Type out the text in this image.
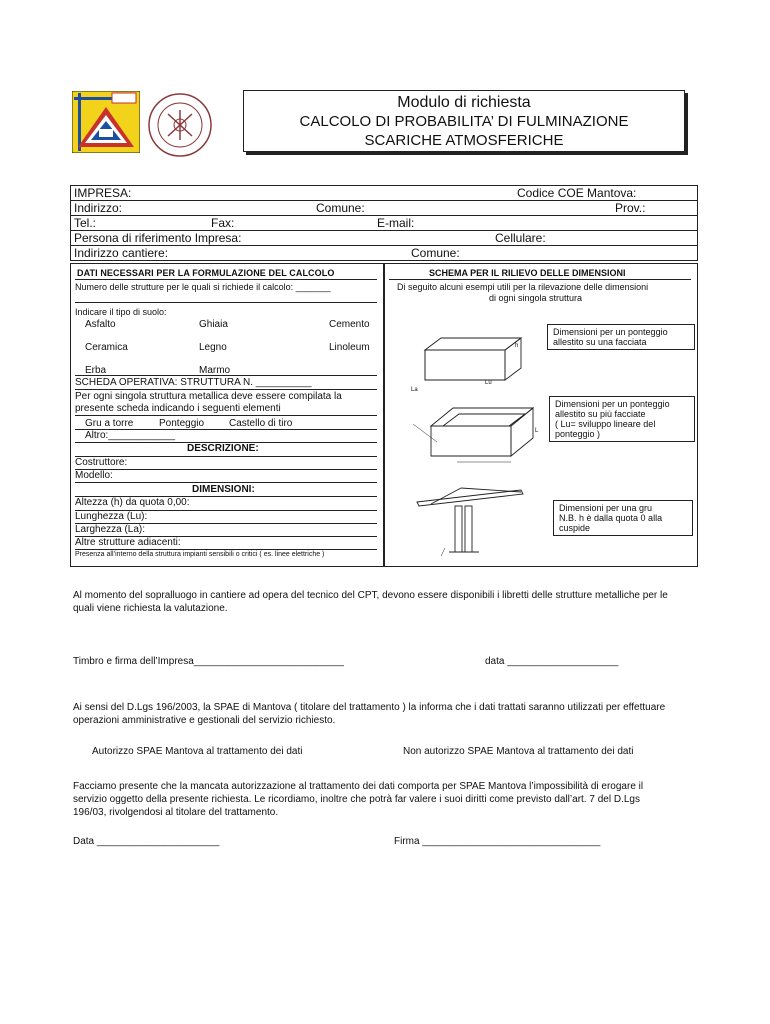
Modulo di richiesta
CALCOLO DI PROBABILITA’ DI FULMINAZIONE
SCARICHE ATMOSFERICHE
IMPRESA:	Codice COE Mantova:
Indirizzo:	Comune:	Prov.:
Tel.:	Fax:	E-mail:
Persona di riferimento Impresa:	Cellulare:
Indirizzo cantiere:	Comune:
DATI NECESSARI PER LA FORMULAZIONE DEL CALCOLO
Numero delle strutture per le quali si richiede il calcolo: _______
Indicare il tipo di suolo:
Asfalto	Ghiaia	Cemento
Ceramica	Legno	Linoleum
Erba	Marmo
SCHEDA OPERATIVA: STRUTTURA N. __________
Per ogni singola struttura metallica deve essere compilata la
presente scheda indicando i seguenti elementi
Gru a torre	Ponteggio Castello di tiro
Altro:____________
DESCRIZIONE:
Costruttore:
Modello:
DIMENSIONI:
Altezza (h) da quota 0,00:
Lunghezza (Lu):
Larghezza (La):
Altre strutture adiacenti:
Presenza all’interno della struttura impianti sensibili o critici ( es. linee elettriche )
SCHEMA PER IL RILIEVO DELLE DIMENSIONI
Di seguito alcuni esempi utili per la rilevazione delle dimensioni
di ogni singola struttura
h
La
Lu
L
Dimensioni per un ponteggio
allestito su una facciata
Dimensioni per un ponteggio
allestito su più facciate
( Lu= sviluppo lineare del
ponteggio )
Dimensioni per una gru
N.B. h è dalla quota 0 alla
cuspide
Al momento del sopralluogo in cantiere ad opera del tecnico del CPT, devono essere disponibili i libretti delle strutture metalliche per le
quali viene richiesta la valutazione.
Timbro e firma dell’Impresa___________________________	data ____________________
Ai sensi del D.Lgs 196/2003, la SPAE di Mantova ( titolare del trattamento ) la informa che i dati trattati saranno utilizzati per effettuare
operazioni amministrative e gestionali del servizio richiesto.
Autorizzo SPAE Mantova al trattamento dei dati	Non autorizzo SPAE Mantova al trattamento dei dati
Facciamo presente che la mancata autorizzazione al trattamento dei dati comporta per SPAE Mantova l’impossibilità di erogare il
servizio oggetto della presente richiesta. Le ricordiamo, inoltre che potrà far valere i suoi diritti come previsto dall’art. 7 del D.Lgs
196/03, rivolgendosi al titolare del trattamento.
Data ______________________	Firma ________________________________
